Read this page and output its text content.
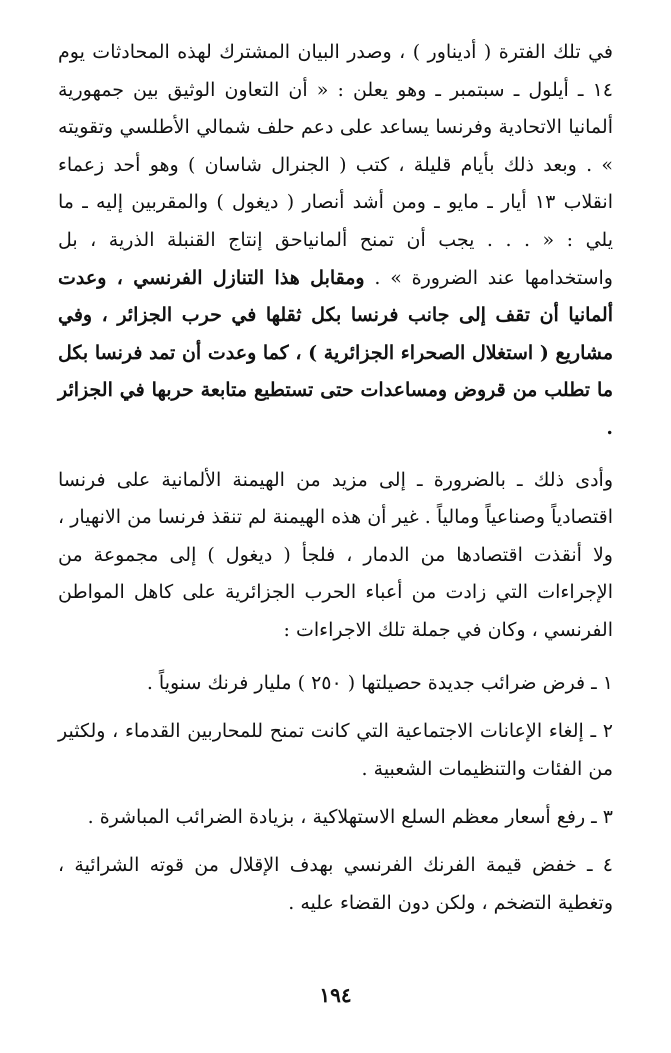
في تلك الفترة ( أديناور ) ، وصدر البيان المشترك لهذه المحادثات يوم ١٤ ـ أيلول ـ سبتمبر ـ وهو يعلن : « أن التعاون الوثيق بين جمهورية ألمانيا الاتحادية وفرنسا يساعد على دعم حلف شمالي الأطلسي وتقويته » . وبعد ذلك بأيام قليلة ، كتب ( الجنرال شاسان ) وهو أحد زعماء انقلاب ١٣ أيار ـ مايو ـ ومن أشد أنصار ( ديغول ) والمقربين إليه ـ ما يلي : « . . . يجب أن تمنح ألمانياحق إنتاج القنبلة الذرية ، بل واستخدامها عند الضرورة » . ومقابل هذا التنازل الفرنسي ، وعدت ألمانيا أن تقف إلى جانب فرنسا بكل ثقلها في حرب الجزائر ، وفي مشاريع ( استغلال الصحراء الجزائرية ) ، كما وعدت أن تمد فرنسا بكل ما تطلب من قروض ومساعدات حتى تستطيع متابعة حربها في الجزائر .

وأدى ذلك ـ بالضرورة ـ إلى مزيد من الهيمنة الألمانية على فرنسا اقتصادياً وصناعياً ومالياً . غير أن هذه الهيمنة لم تنقذ فرنسا من الانهيار ، ولا أنقذت اقتصادها من الدمار ، فلجأ ( ديغول ) إلى مجموعة من الإجراءات التي زادت من أعباء الحرب الجزائرية على كاهل المواطن الفرنسي ، وكان في جملة تلك الاجراءات :

١ ـ فرض ضرائب جديدة حصيلتها ( ٢٥٠ ) مليار فرنك سنوياً .

٢ ـ إلغاء الإعانات الاجتماعية التي كانت تمنح للمحاربين القدماء ، ولكثير من الفئات والتنظيمات الشعبية .

٣ ـ رفع أسعار معظم السلع الاستهلاكية ، بزيادة الضرائب المباشرة .

٤ ـ خفض قيمة الفرنك الفرنسي بهدف الإقلال من قوته الشرائية ، وتغطية التضخم ، ولكن دون القضاء عليه .

١٩٤
